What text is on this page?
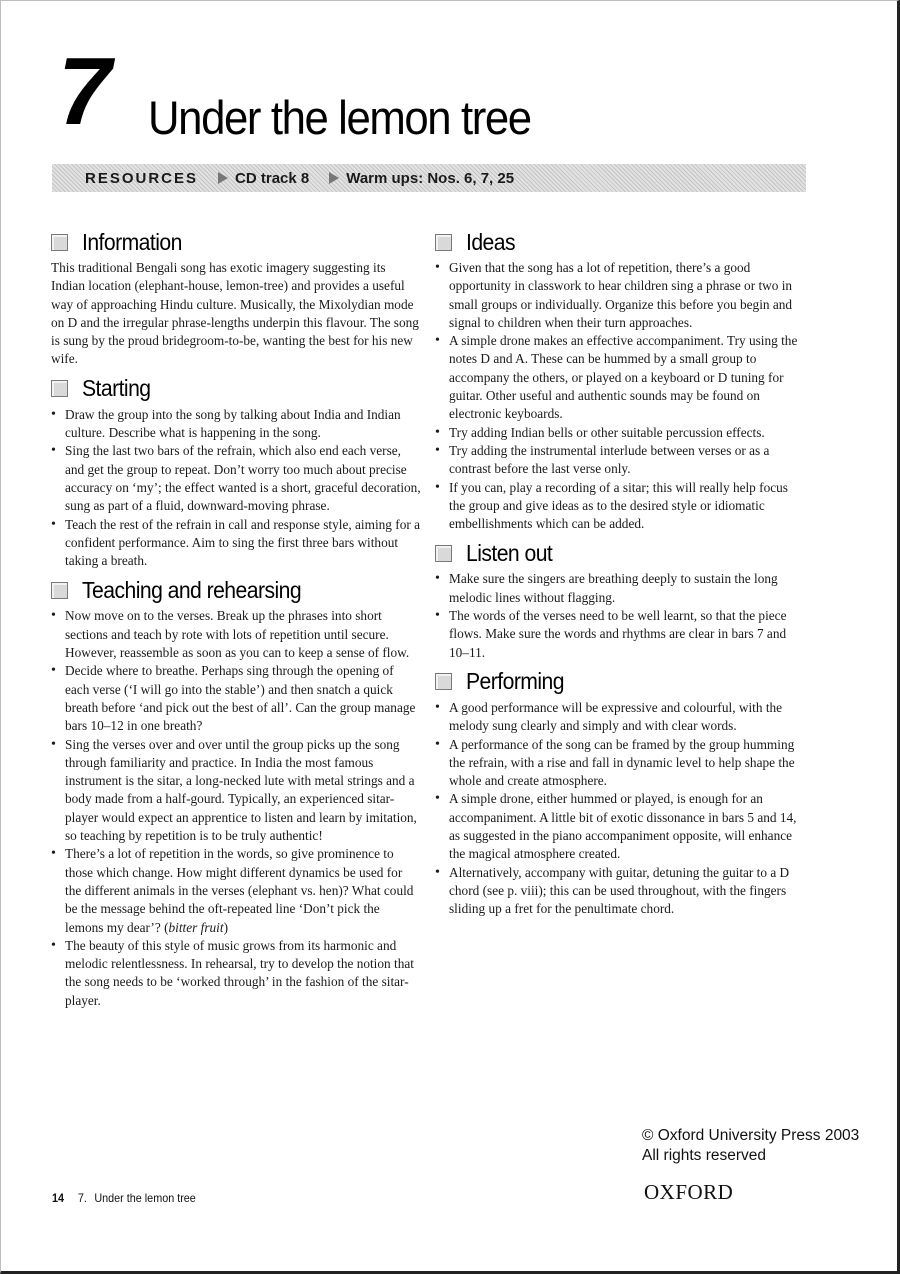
7 Under the lemon tree
RESOURCES CD track 8 Warm ups: Nos. 6, 7, 25
Information

This traditional Bengali song has exotic imagery suggesting its Indian location (elephant-house, lemon-tree) and provides a useful way of approaching Hindu culture. Musically, the Mixolydian mode on D and the irregular phrase-lengths underpin this flavour. The song is sung by the proud bridegroom-to-be, wanting the best for his new wife.

Starting
• Draw the group into the song by talking about India and Indian culture. Describe what is happening in the song.
• Sing the last two bars of the refrain, which also end each verse, and get the group to repeat. Don’t worry too much about precise accuracy on ‘my’; the effect wanted is a short, graceful decoration, sung as part of a fluid, downward-moving phrase.
• Teach the rest of the refrain in call and response style, aiming for a confident performance. Aim to sing the first three bars without taking a breath.
Teaching and rehearsing
• Now move on to the verses. Break up the phrases into short sections and teach by rote with lots of repetition until secure. However, reassemble as soon as you can to keep a sense of flow.
• Decide where to breathe. Perhaps sing through the opening of each verse (‘I will go into the stable’) and then snatch a quick breath before ‘and pick out the best of all’. Can the group manage bars 10–12 in one breath?
• Sing the verses over and over until the group picks up the song through familiarity and practice. In India the most famous instrument is the sitar, a long-necked lute with metal strings and a body made from a half-gourd. Typically, an experienced sitar-player would expect an apprentice to listen and learn by imitation, so teaching by repetition is to be truly authentic!
• There’s a lot of repetition in the words, so give prominence to those which change. How might different dynamics be used for the different animals in the verses (elephant vs. hen)? What could be the message behind the oft-repeated line ‘Don’t pick the lemons my dear’? (bitter fruit)
• The beauty of this style of music grows from its harmonic and melodic relentlessness. In rehearsal, try to develop the notion that the song needs to be ‘worked through’ in the fashion of the sitar-player.
Ideas
• Given that the song has a lot of repetition, there’s a good opportunity in classwork to hear children sing a phrase or two in small groups or individually. Organize this before you begin and signal to children when their turn approaches.
• A simple drone makes an effective accompaniment. Try using the notes D and A. These can be hummed by a small group to accompany the others, or played on a keyboard or D tuning for guitar. Other useful and authentic sounds may be found on electronic keyboards.
• Try adding Indian bells or other suitable percussion effects.
• Try adding the instrumental interlude between verses or as a contrast before the last verse only.
• If you can, play a recording of a sitar; this will really help focus the group and give ideas as to the desired style or idiomatic embellishments which can be added.
Listen out
• Make sure the singers are breathing deeply to sustain the long melodic lines without flagging.
• The words of the verses need to be well learnt, so that the piece flows. Make sure the words and rhythms are clear in bars 7 and 10–11.
Performing
• A good performance will be expressive and colourful, with the melody sung clearly and simply and with clear words.
• A performance of the song can be framed by the group humming the refrain, with a rise and fall in dynamic level to help shape the whole and create atmosphere.
• A simple drone, either hummed or played, is enough for an accompaniment. A little bit of exotic dissonance in bars 5 and 14, as suggested in the piano accompaniment opposite, will enhance the magical atmosphere created.
• Alternatively, accompany with guitar, detuning the guitar to a D chord (see p. viii); this can be used throughout, with the fingers sliding up a fret for the penultimate chord.
© Oxford University Press 2003
All rights reserved
OXFORD
14 7. Under the lemon tree
